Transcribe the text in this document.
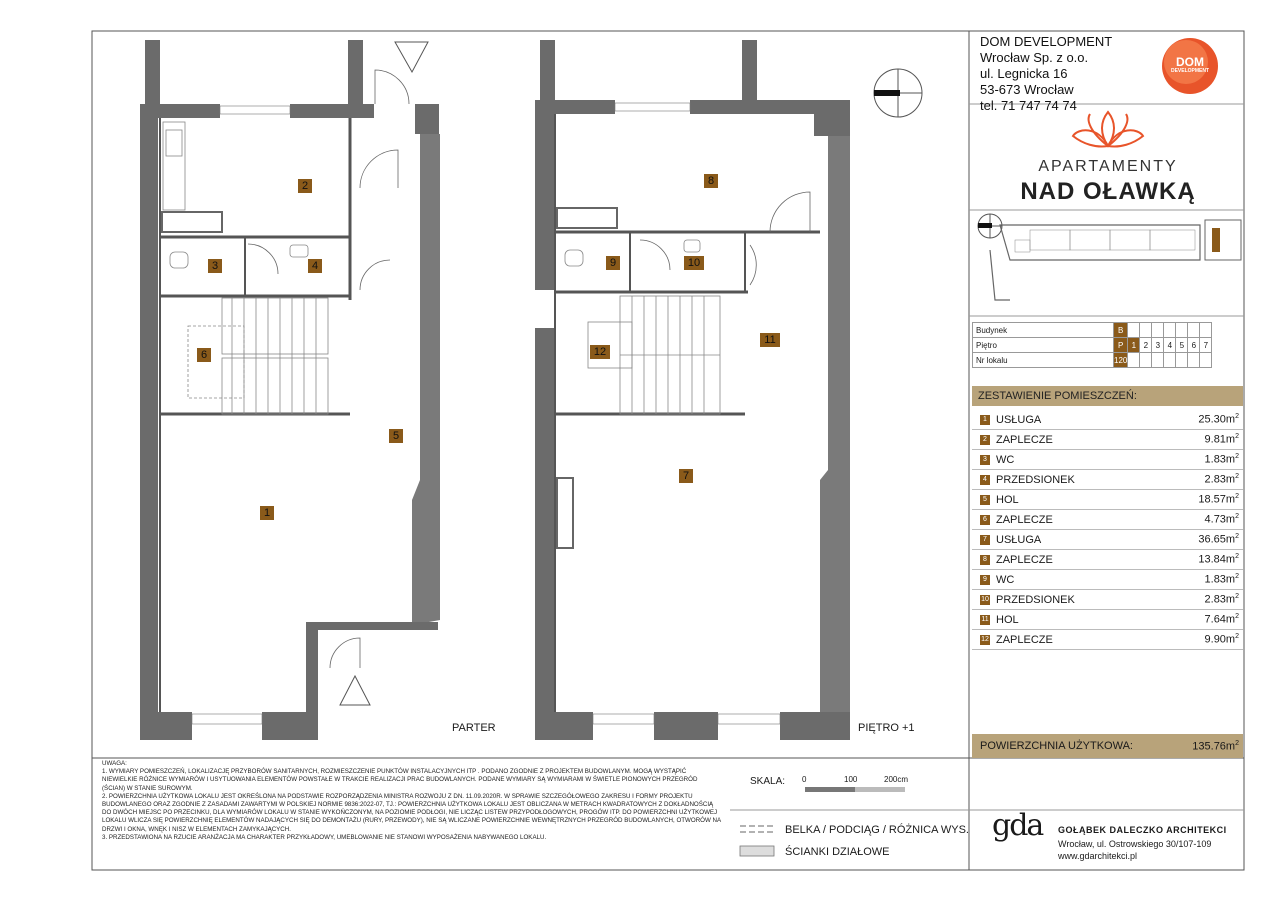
DOM DEVELOPMENT
Wrocław Sp. z o.o.
ul. Legnicka 16
53-673 Wrocław
tel. 71 747 74 74
DOM
DEVELOPMENT
APARTAMENTY
NAD OŁAWKĄ
Budynek	B							
Piętro	P	1	2	3	4	5	6	7
Nr lokalu	120							
ZESTAWIENIE POMIESZCZEŃ:
1 USŁUGA	$25.30m^2$
2 ZAPLECZE	$9.81m^2$
3 WC	$1.83m^2$
4 PRZEDSIONEK	$2.83m^2$
5 HOL	$18.57m^2$
6 ZAPLECZE	$4.73m^2$
7 USŁUGA	$36.65m^2$
8 ZAPLECZE	$13.84m^2$
9 WC	$1.83m^2$
10 PRZEDSIONEK	$2.83m^2$
11 HOL	$7.64m^2$
12 ZAPLECZE	$9.90m^2$
POWIERZCHNIA UŻYTKOWA:	$135.76m^2$
PARTER	PIĘTRO +1
1
2
3	4
5
6
7
8
9	10
11
12

UWAGA:

1. WYMIARY POMIESZCZEŃ, LOKALIZACJĘ PRZYBORÓW SANITARNYCH, ROZMIESZCZENIE PUNKTÓW INSTALACYJNYCH ITP . PODANO ZGODNIE Z PROJEKTEM BUDOWLANYM. MOGĄ WYSTĄPIĆ NIEWIELKIE RÓŻNICE WYMIARÓW I USYTUOWANIA ELEMENTÓW POWSTAŁE W TRAKCIE REALIZACJI PRAC BUDOWLANYCH. PODANE WYMIARY SĄ WYMIARAMI W ŚWIETLE PIONOWYCH PRZEGRÓD (ŚCIAN) W STANIE SUROWYM.

2. POWIERZCHNIA UŻYTKOWA LOKALU JEST OKREŚLONA NA PODSTAWIE ROZPORZĄDZENIA MINISTRA ROZWOJU Z DN. 11.09.2020R. W SPRAWIE SZCZEGÓŁOWEGO ZAKRESU I FORMY PROJEKTU BUDOWLANEGO ORAZ ZGODNIE Z ZASADAMI ZAWARTYMI W POLSKIEJ NORMIE 9836:2022-07, TJ.: POWIERZCHNIA UŻYTKOWA LOKALU JEST OBLICZANA W METRACH KWADRATOWYCH Z DOKŁADNOŚCIĄ DO DWÓCH MIEJSC PO PRZECINKU, DLA WYMIARÓW LOKALU W STANIE WYKOŃCZONYM, NA POZIOMIE PODŁOGI, NIE LICZĄC LISTEW PRZYPODŁOGOWYCH, PROGÓW ITP. DO POWIERZCHNI UŻYTKOWEJ LOKALU WLICZA SIĘ POWIERZCHNIĘ ELEMENTÓW NADAJĄCYCH SIĘ DO DEMONTAŻU (RURY, PRZEWODY), NIE SĄ WLICZANE POWIERZCHNIE WEWNĘTRZNYCH PRZEGRÓD BUDOWLANYCH, OTWORÓW NA DRZWI I OKNA, WNĘK I NISZ W ELEMENTACH ZAMYKAJĄCYCH.

3. PRZEDSTAWIONA NA RZUCIE ARANŻACJA MA CHARAKTER PRZYKŁADOWY, UMEBLOWANIE NIE STANOWI WYPOSAŻENIA NABYWANEGO LOKALU.

SKALA: 0	100	200cm
BELKA / PODCIĄG / RÓŻNICA WYS.
ŚCIANKI DZIAŁOWE
gda GOŁĄBEK DALECZKO ARCHITEKCI
Wrocław, ul. Ostrowskiego 30/107-109
www.gdarchitekci.pl
